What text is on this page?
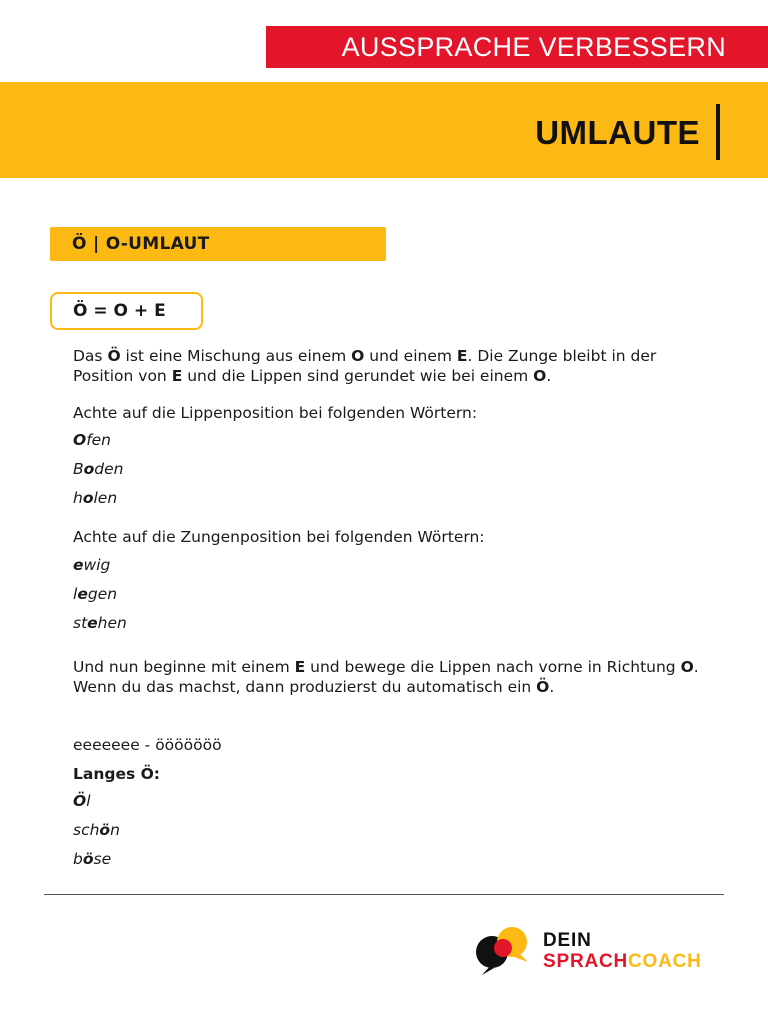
AUSSPRACHE VERBESSERN
UMLAUTE
Ö | O-UMLAUT
Ö = O + E

Das Ö ist eine Mischung aus einem O und einem E. Die Zunge bleibt in der Position von E und die Lippen sind gerundet wie bei einem O.

Achte auf die Lippenposition bei folgenden Wörtern:

Ofen
Boden
holen

Achte auf die Zungenposition bei folgenden Wörtern:

ewig
legen
stehen

Und nun beginne mit einem E und bewege die Lippen nach vorne in Richtung O. Wenn du das machst, dann produzierst du automatisch ein Ö.

eeeeeee - ööööööö

Langes Ö:

Öl
schön
böse
DEIN
SPRACHCOACH
